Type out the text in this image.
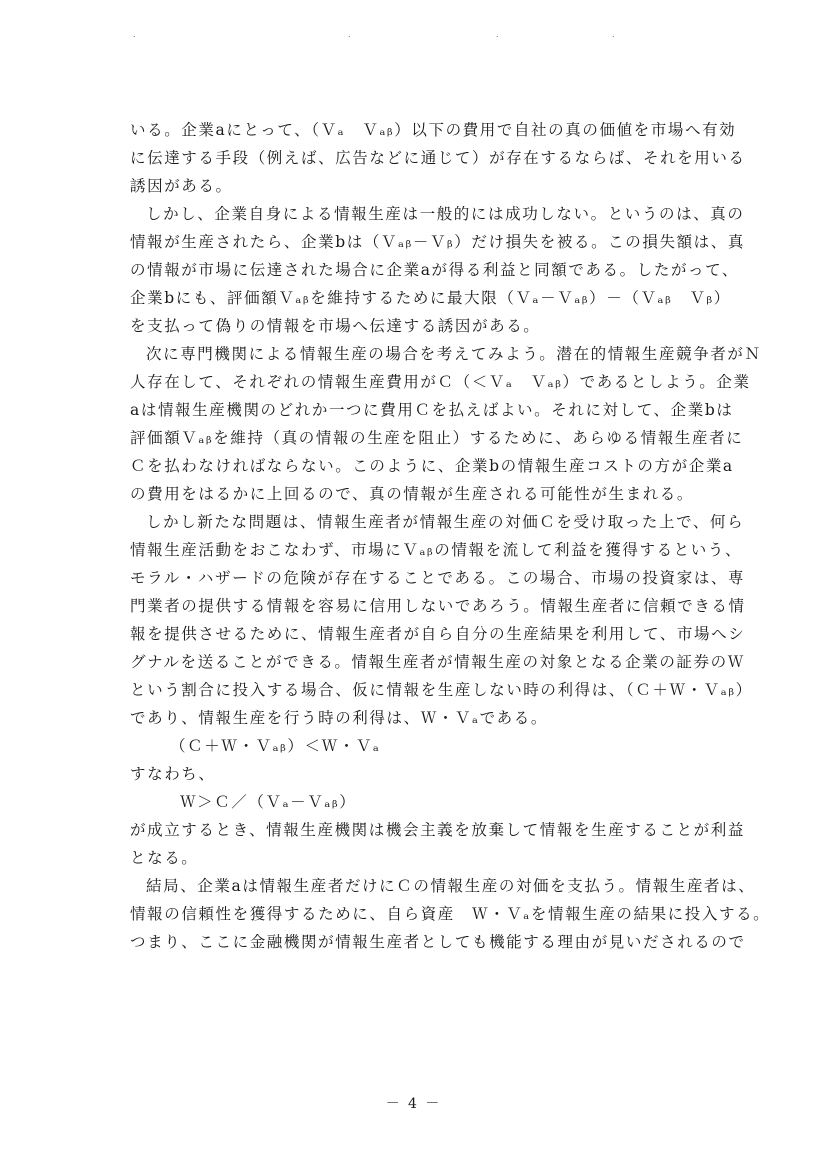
.	.	.	.
いる。企業aにとって、（Ｖₐ　Ｖₐᵦ）以下の費用で自社の真の価値を市場へ有効
に伝達する手段（例えば、広告などに通じて）が存在するならば、それを用いる
誘因がある。
しかし、企業自身による情報生産は一般的には成功しない。というのは、真の
情報が生産されたら、企業bは（Ｖₐᵦ－Ｖᵦ）だけ損失を被る。この損失額は、真
の情報が市場に伝達された場合に企業aが得る利益と同額である。したがって、
企業bにも、評価額Ｖₐᵦを維持するために最大限（Ｖₐ－Ｖₐᵦ）－（Ｖₐᵦ　Ｖᵦ）
を支払って偽りの情報を市場へ伝達する誘因がある。
次に専門機関による情報生産の場合を考えてみよう。潜在的情報生産競争者がＮ
人存在して、それぞれの情報生産費用がＣ（＜Ｖₐ　Ｖₐᵦ）であるとしよう。企業
aは情報生産機関のどれか一つに費用Ｃを払えばよい。それに対して、企業bは
評価額Ｖₐᵦを維持（真の情報の生産を阻止）するために、あらゆる情報生産者に
Ｃを払わなければならない。このように、企業bの情報生産コストの方が企業a
の費用をはるかに上回るので、真の情報が生産される可能性が生まれる。
しかし新たな問題は、情報生産者が情報生産の対価Ｃを受け取った上で、何ら
情報生産活動をおこなわず、市場にＶₐᵦの情報を流して利益を獲得するという、
モラル・ハザードの危険が存在することである。この場合、市場の投資家は、専
門業者の提供する情報を容易に信用しないであろう。情報生産者に信頼できる情
報を提供させるために、情報生産者が自ら自分の生産結果を利用して、市場へシ
グナルを送ることができる。情報生産者が情報生産の対象となる企業の証券のＷ
という割合に投入する場合、仮に情報を生産しない時の利得は、（Ｃ＋Ｗ・Ｖₐᵦ）
であり、情報生産を行う時の利得は、Ｗ・Ｖₐである。
（Ｃ＋Ｗ・Ｖₐᵦ）＜Ｗ・Ｖₐ
すなわち、
Ｗ＞Ｃ／（Ｖₐ－Ｖₐᵦ）
が成立するとき、情報生産機関は機会主義を放棄して情報を生産することが利益
となる。
結局、企業aは情報生産者だけにＣの情報生産の対価を支払う。情報生産者は、
情報の信頼性を獲得するために、自ら資産　Ｗ・Ｖₐを情報生産の結果に投入する。
つまり、ここに金融機関が情報生産者としても機能する理由が見いだされるので
－ 4 －
